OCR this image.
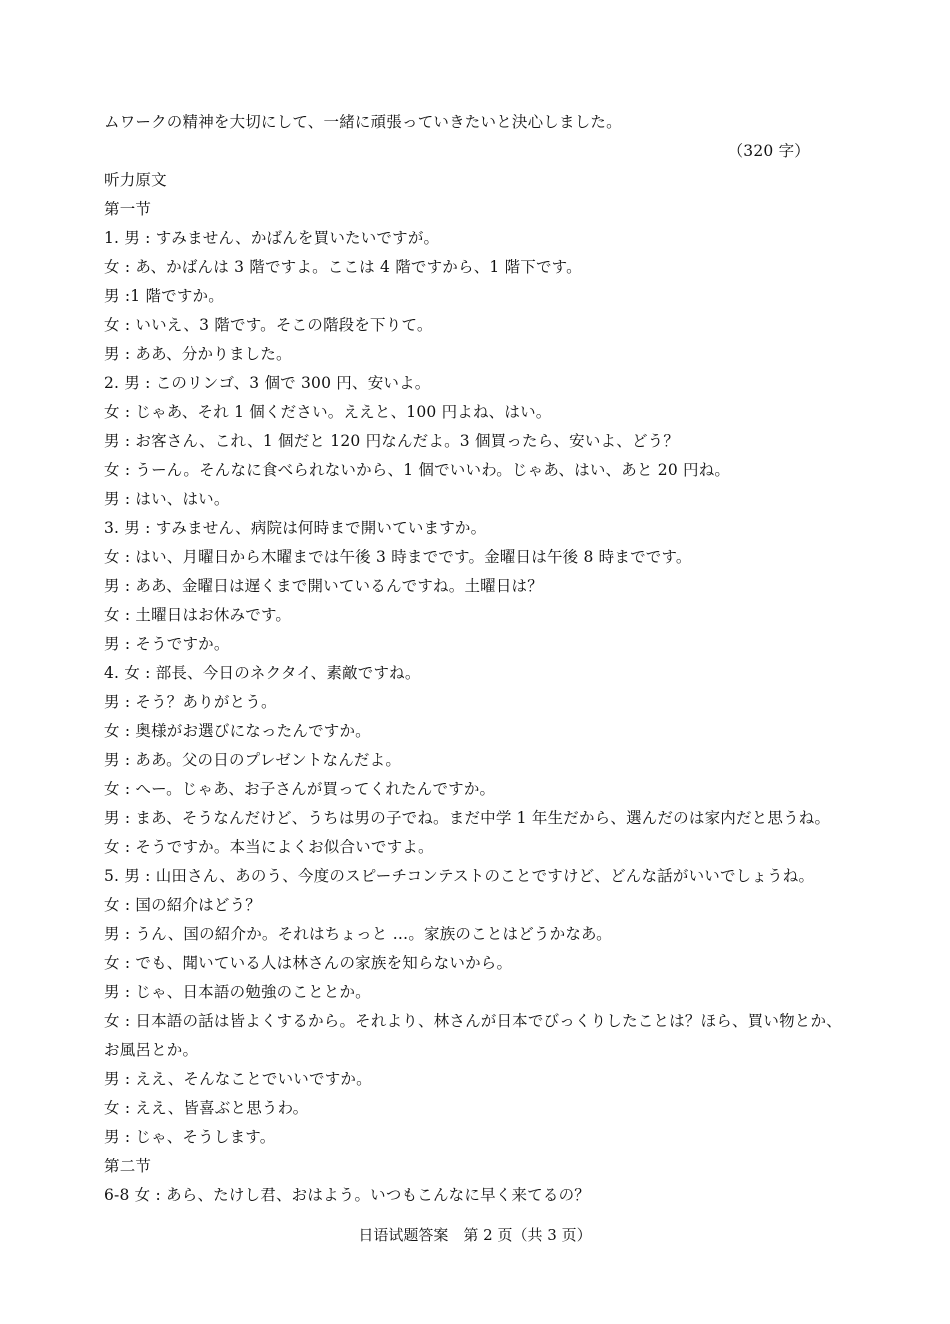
ムワークの精神を大切にして、一緒に頑張っていきたいと決心しました。
（320 字）
听力原文
第一节
1. 男 : すみません、かばんを買いたいですが。
女 : あ、かばんは 3 階ですよ。ここは 4 階ですから、1 階下です。
男 :1 階ですか。
女 : いいえ、3 階です。そこの階段を下りて。
男 : ああ、分かりました。
2. 男 : このリンゴ、3 個で 300 円、安いよ。
女 : じゃあ、それ 1 個ください。ええと、100 円よね、はい。
男 : お客さん、これ、1 個だと 120 円なんだよ。3 個買ったら、安いよ、どう？
女 : うーん。そんなに食べられないから、1 個でいいわ。じゃあ、はい、あと 20 円ね。
男 : はい、はい。
3. 男 : すみません、病院は何時まで開いていますか。
女 : はい、月曜日から木曜までは午後 3 時までです。金曜日は午後 8 時までです。
男 : ああ、金曜日は遅くまで開いているんですね。土曜日は？
女 : 土曜日はお休みです。
男 : そうですか。
4. 女 : 部長、今日のネクタイ、素敵ですね。
男 : そう？ありがとう。
女 : 奥様がお選びになったんですか。
男 : ああ。父の日のプレゼントなんだよ。
女 : へー。じゃあ、お子さんが買ってくれたんですか。
男 : まあ、そうなんだけど、うちは男の子でね。まだ中学 1 年生だから、選んだのは家内だと思うね。
女 : そうですか。本当によくお似合いですよ。
5. 男 : 山田さん、あのう、今度のスピーチコンテストのことですけど、どんな話がいいでしょうね。
女 : 国の紹介はどう？
男 : うん、国の紹介か。それはちょっと …。家族のことはどうかなあ。
女 : でも、聞いている人は林さんの家族を知らないから。
男 : じゃ、日本語の勉強のこととか。
女 : 日本語の話は皆よくするから。それより、林さんが日本でびっくりしたことは？ほら、買い物とか、
お風呂とか。
男 : ええ、そんなことでいいですか。
女 : ええ、皆喜ぶと思うわ。
男 : じゃ、そうします。
第二节
6-8 女 : あら、たけし君、おはよう。いつもこんなに早く来てるの？
日语试题答案　第 2 页（共 3 页）
